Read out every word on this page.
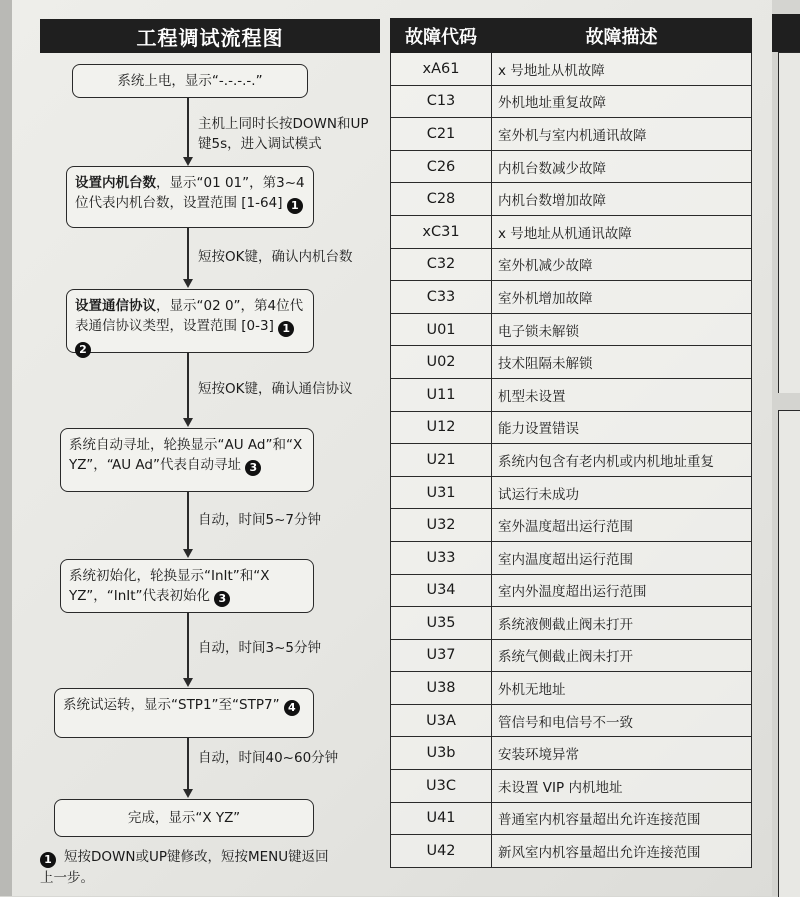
工程调试流程图
系统上电，显示“-.-.-.-.”
主机上同时长按DOWN和UP键5s，进入调试模式
设置内机台数，显示“01 01”，第3~4位代表内机台数，设置范围 [1-64] 1
短按OK键，确认内机台数
设置通信协议，显示“02 0”，第4位代表通信协议类型，设置范围 [0-3] 12
短按OK键，确认通信协议
系统自动寻址，轮换显示“AU Ad”和“X YZ”，“AU Ad”代表自动寻址 3
自动，时间5~7分钟
系统初始化，轮换显示“InIt”和“X YZ”，“InIt”代表初始化 3
自动，时间3~5分钟
系统试运转，显示“STP1”至“STP7” 4
自动，时间40~60分钟
完成，显示“X YZ”
1 短按DOWN或UP键修改，短按MENU键返回上一步。
故障代码	故障描述
xA61	x 号地址从机故障
C13	外机地址重复故障
C21	室外机与室内机通讯故障
C26	内机台数减少故障
C28	内机台数增加故障
xC31	x 号地址从机通讯故障
C32	室外机减少故障
C33	室外机增加故障
U01	电子锁未解锁
U02	技术阻隔未解锁
U11	机型未设置
U12	能力设置错误
U21	系统内包含有老内机或内机地址重复
U31	试运行未成功
U32	室外温度超出运行范围
U33	室内温度超出运行范围
U34	室内外温度超出运行范围
U35	系统液侧截止阀未打开
U37	系统气侧截止阀未打开
U38	外机无地址
U3A	管信号和电信号不一致
U3b	安装环境异常
U3C	未设置 VIP 内机地址
U41	普通室内机容量超出允许连接范围
U42	新风室内机容量超出允许连接范围
